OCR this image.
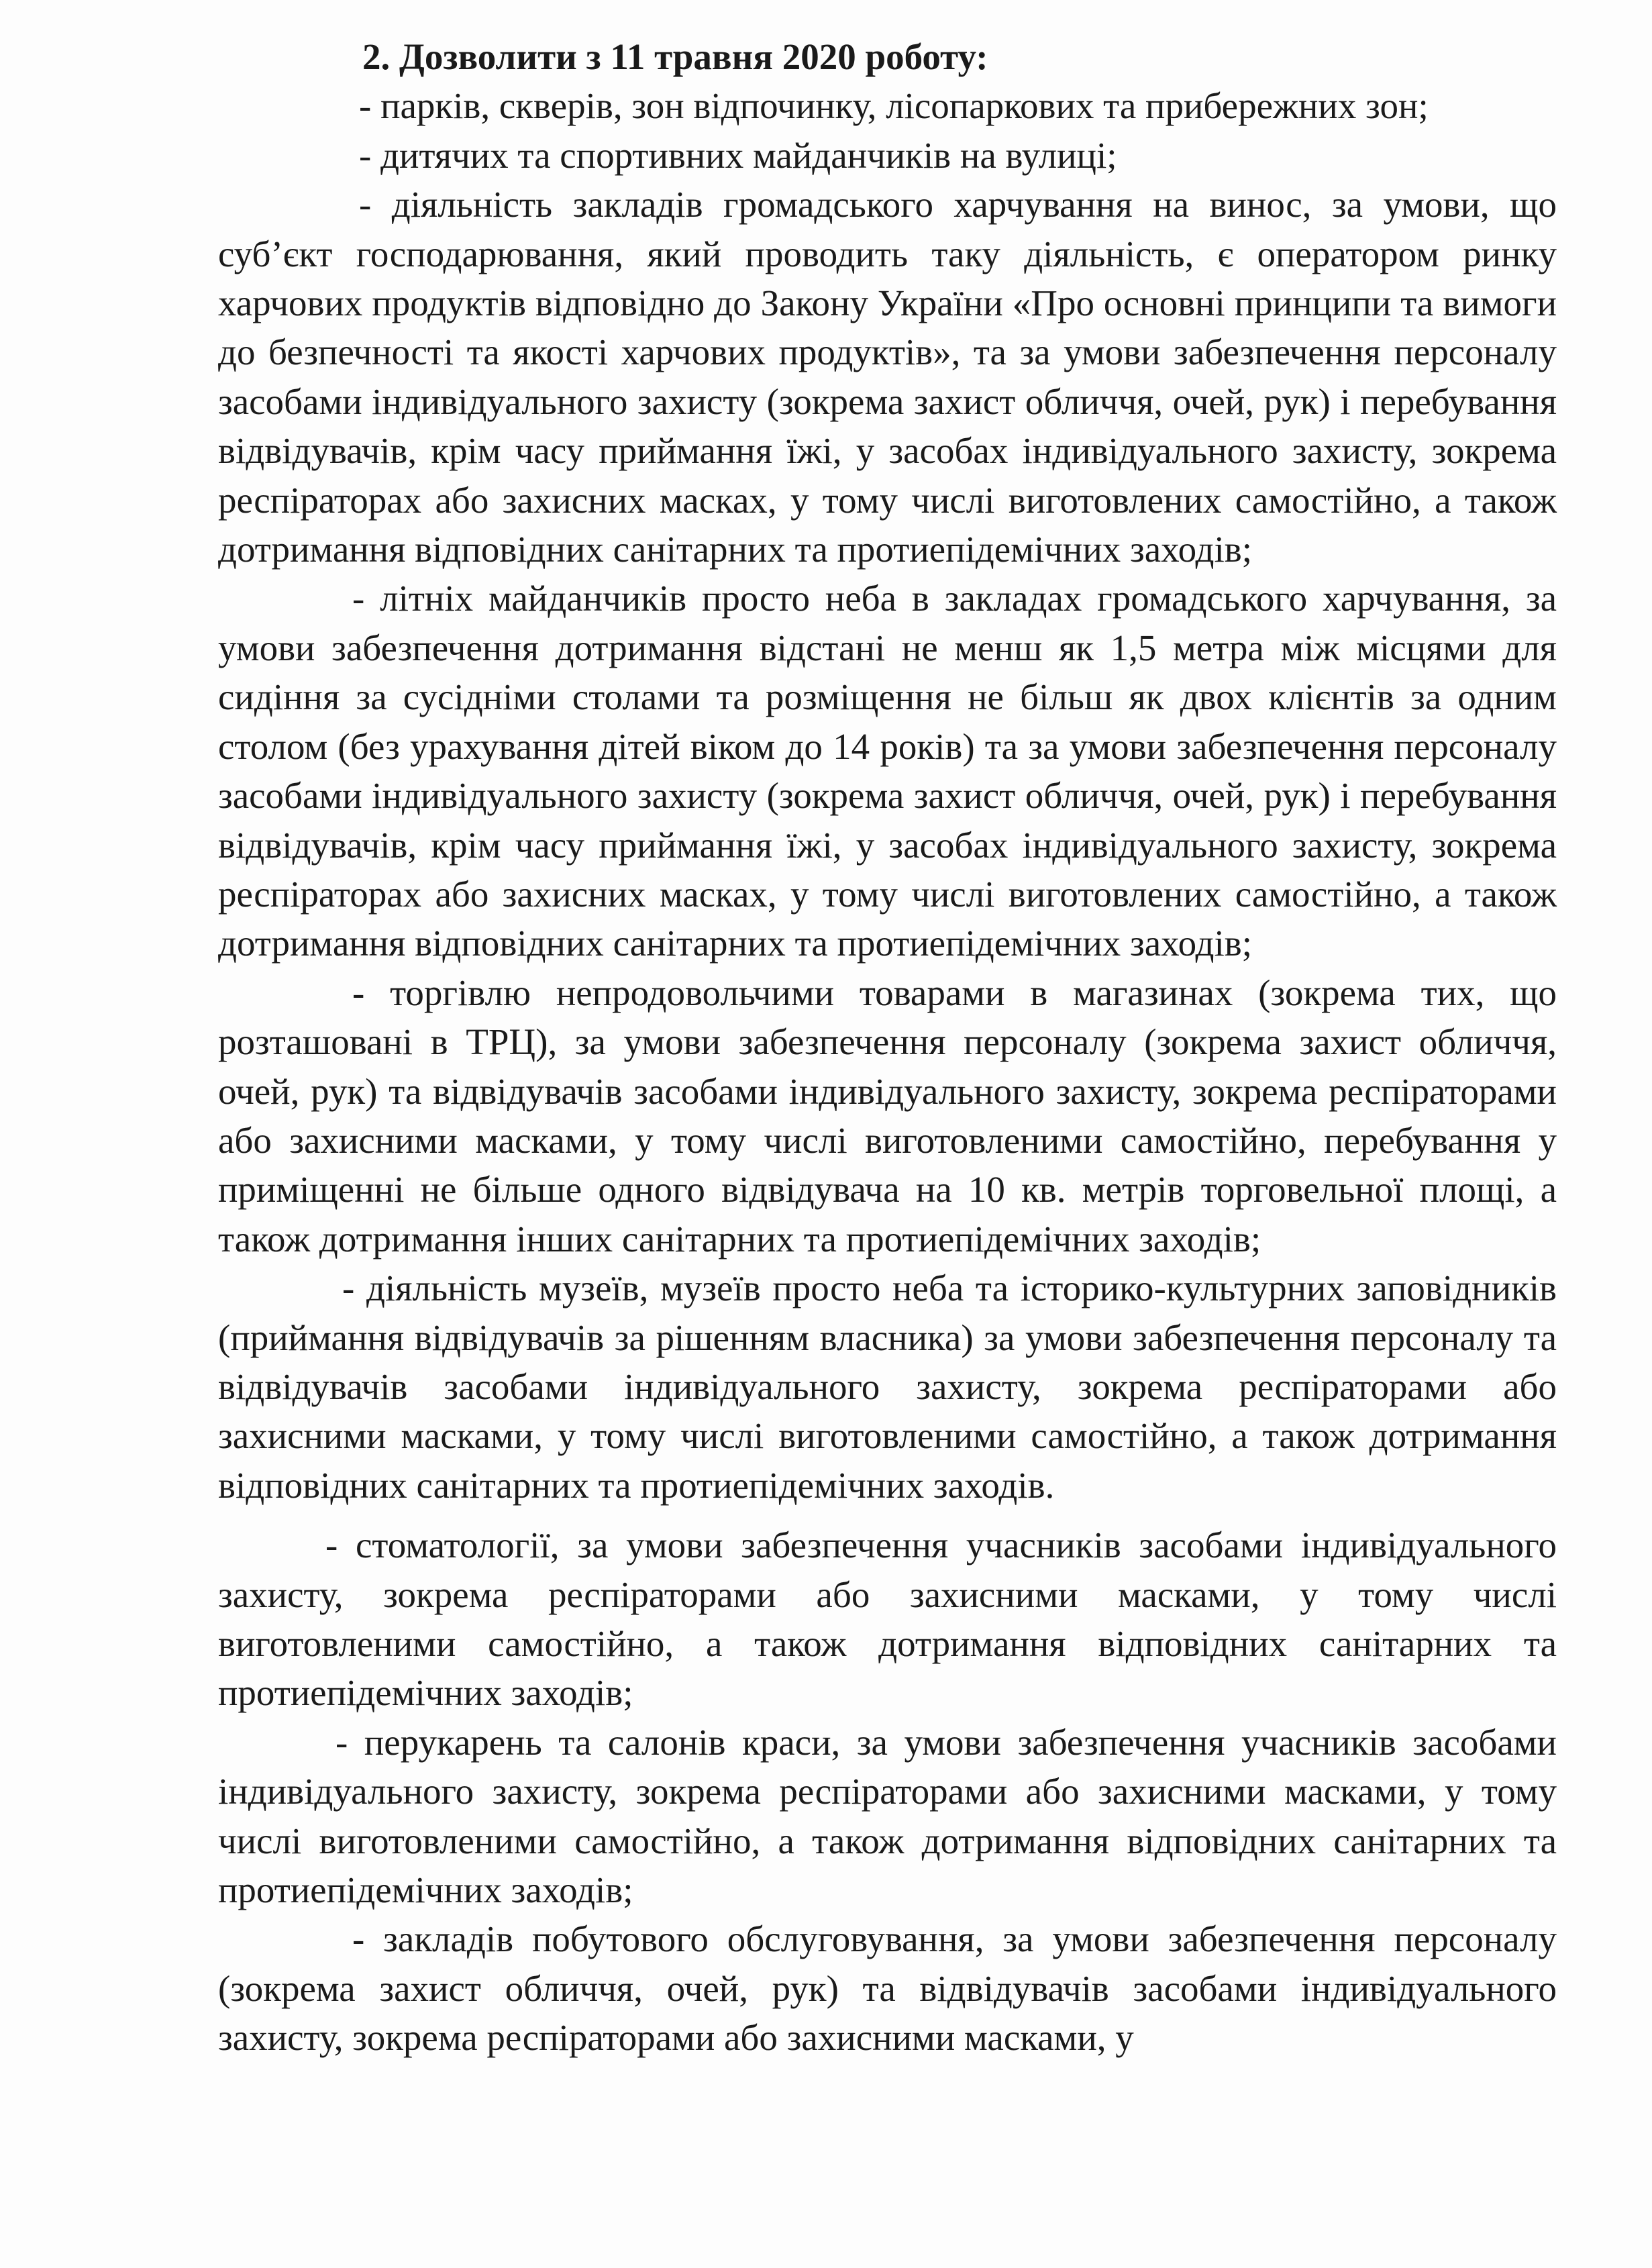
2. Дозволити з 11 травня 2020 роботу:

- парків, скверів, зон відпочинку, лісопаркових та прибережних зон;

- дитячих та спортивних майданчиків на вулиці;

- діяльність закладів громадського харчування на винос, за умови, що суб’єкт господарювання, який проводить таку діяльність, є оператором ринку харчових продуктів відповідно до Закону України «Про основні принципи та вимоги до безпечності та якості харчових продуктів», та за умови забезпечення персоналу засобами індивідуального захисту (зокрема захист обличчя, очей, рук) і перебування відвідувачів, крім часу приймання їжі, у засобах індивідуального захисту, зокрема респіраторах або захисних масках, у тому числі виготовлених самостійно, а також дотримання відповідних санітарних та протиепідемічних заходів;

- літніх майданчиків просто неба в закладах громадського харчування, за умови забезпечення дотримання відстані не менш як 1,5 метра між місцями для сидіння за сусідніми столами та розміщення не більш як двох клієнтів за одним столом (без урахування дітей віком до 14 років) та за умови забезпечення персоналу засобами індивідуального захисту (зокрема захист обличчя, очей, рук) і перебування відвідувачів, крім часу приймання їжі, у засобах індивідуального захисту, зокрема респіраторах або захисних масках, у тому числі виготовлених самостійно, а також дотримання відповідних санітарних та протиепідемічних заходів;

- торгівлю непродовольчими товарами в магазинах (зокрема тих, що розташовані в ТРЦ), за умови забезпечення персоналу (зокрема захист обличчя, очей, рук) та відвідувачів засобами індивідуального захисту, зокрема респіраторами або захисними масками, у тому числі виготовленими самостійно, перебування у приміщенні не більше одного відвідувача на 10 кв. метрів торговельної площі, а також дотримання інших санітарних та протиепідемічних заходів;

- діяльність музеїв, музеїв просто неба та історико-культурних заповідників (приймання відвідувачів за рішенням власника) за умови забезпечення персоналу та відвідувачів засобами індивідуального захисту, зокрема респіраторами або захисними масками, у тому числі виготовленими самостійно, а також дотримання відповідних санітарних та протиепідемічних заходів.

- стоматології, за умови забезпечення учасників засобами індивідуального захисту, зокрема респіраторами або захисними масками, у тому числі виготовленими самостійно, а також дотримання відповідних санітарних та протиепідемічних заходів;

- перукарень та салонів краси, за умови забезпечення учасників засобами індивідуального захисту, зокрема респіраторами або захисними масками, у тому числі виготовленими самостійно, а також дотримання відповідних санітарних та протиепідемічних заходів;

- закладів побутового обслуговування, за умови забезпечення персоналу (зокрема захист обличчя, очей, рук) та відвідувачів засобами індивідуального захисту, зокрема респіраторами або захисними масками, у
